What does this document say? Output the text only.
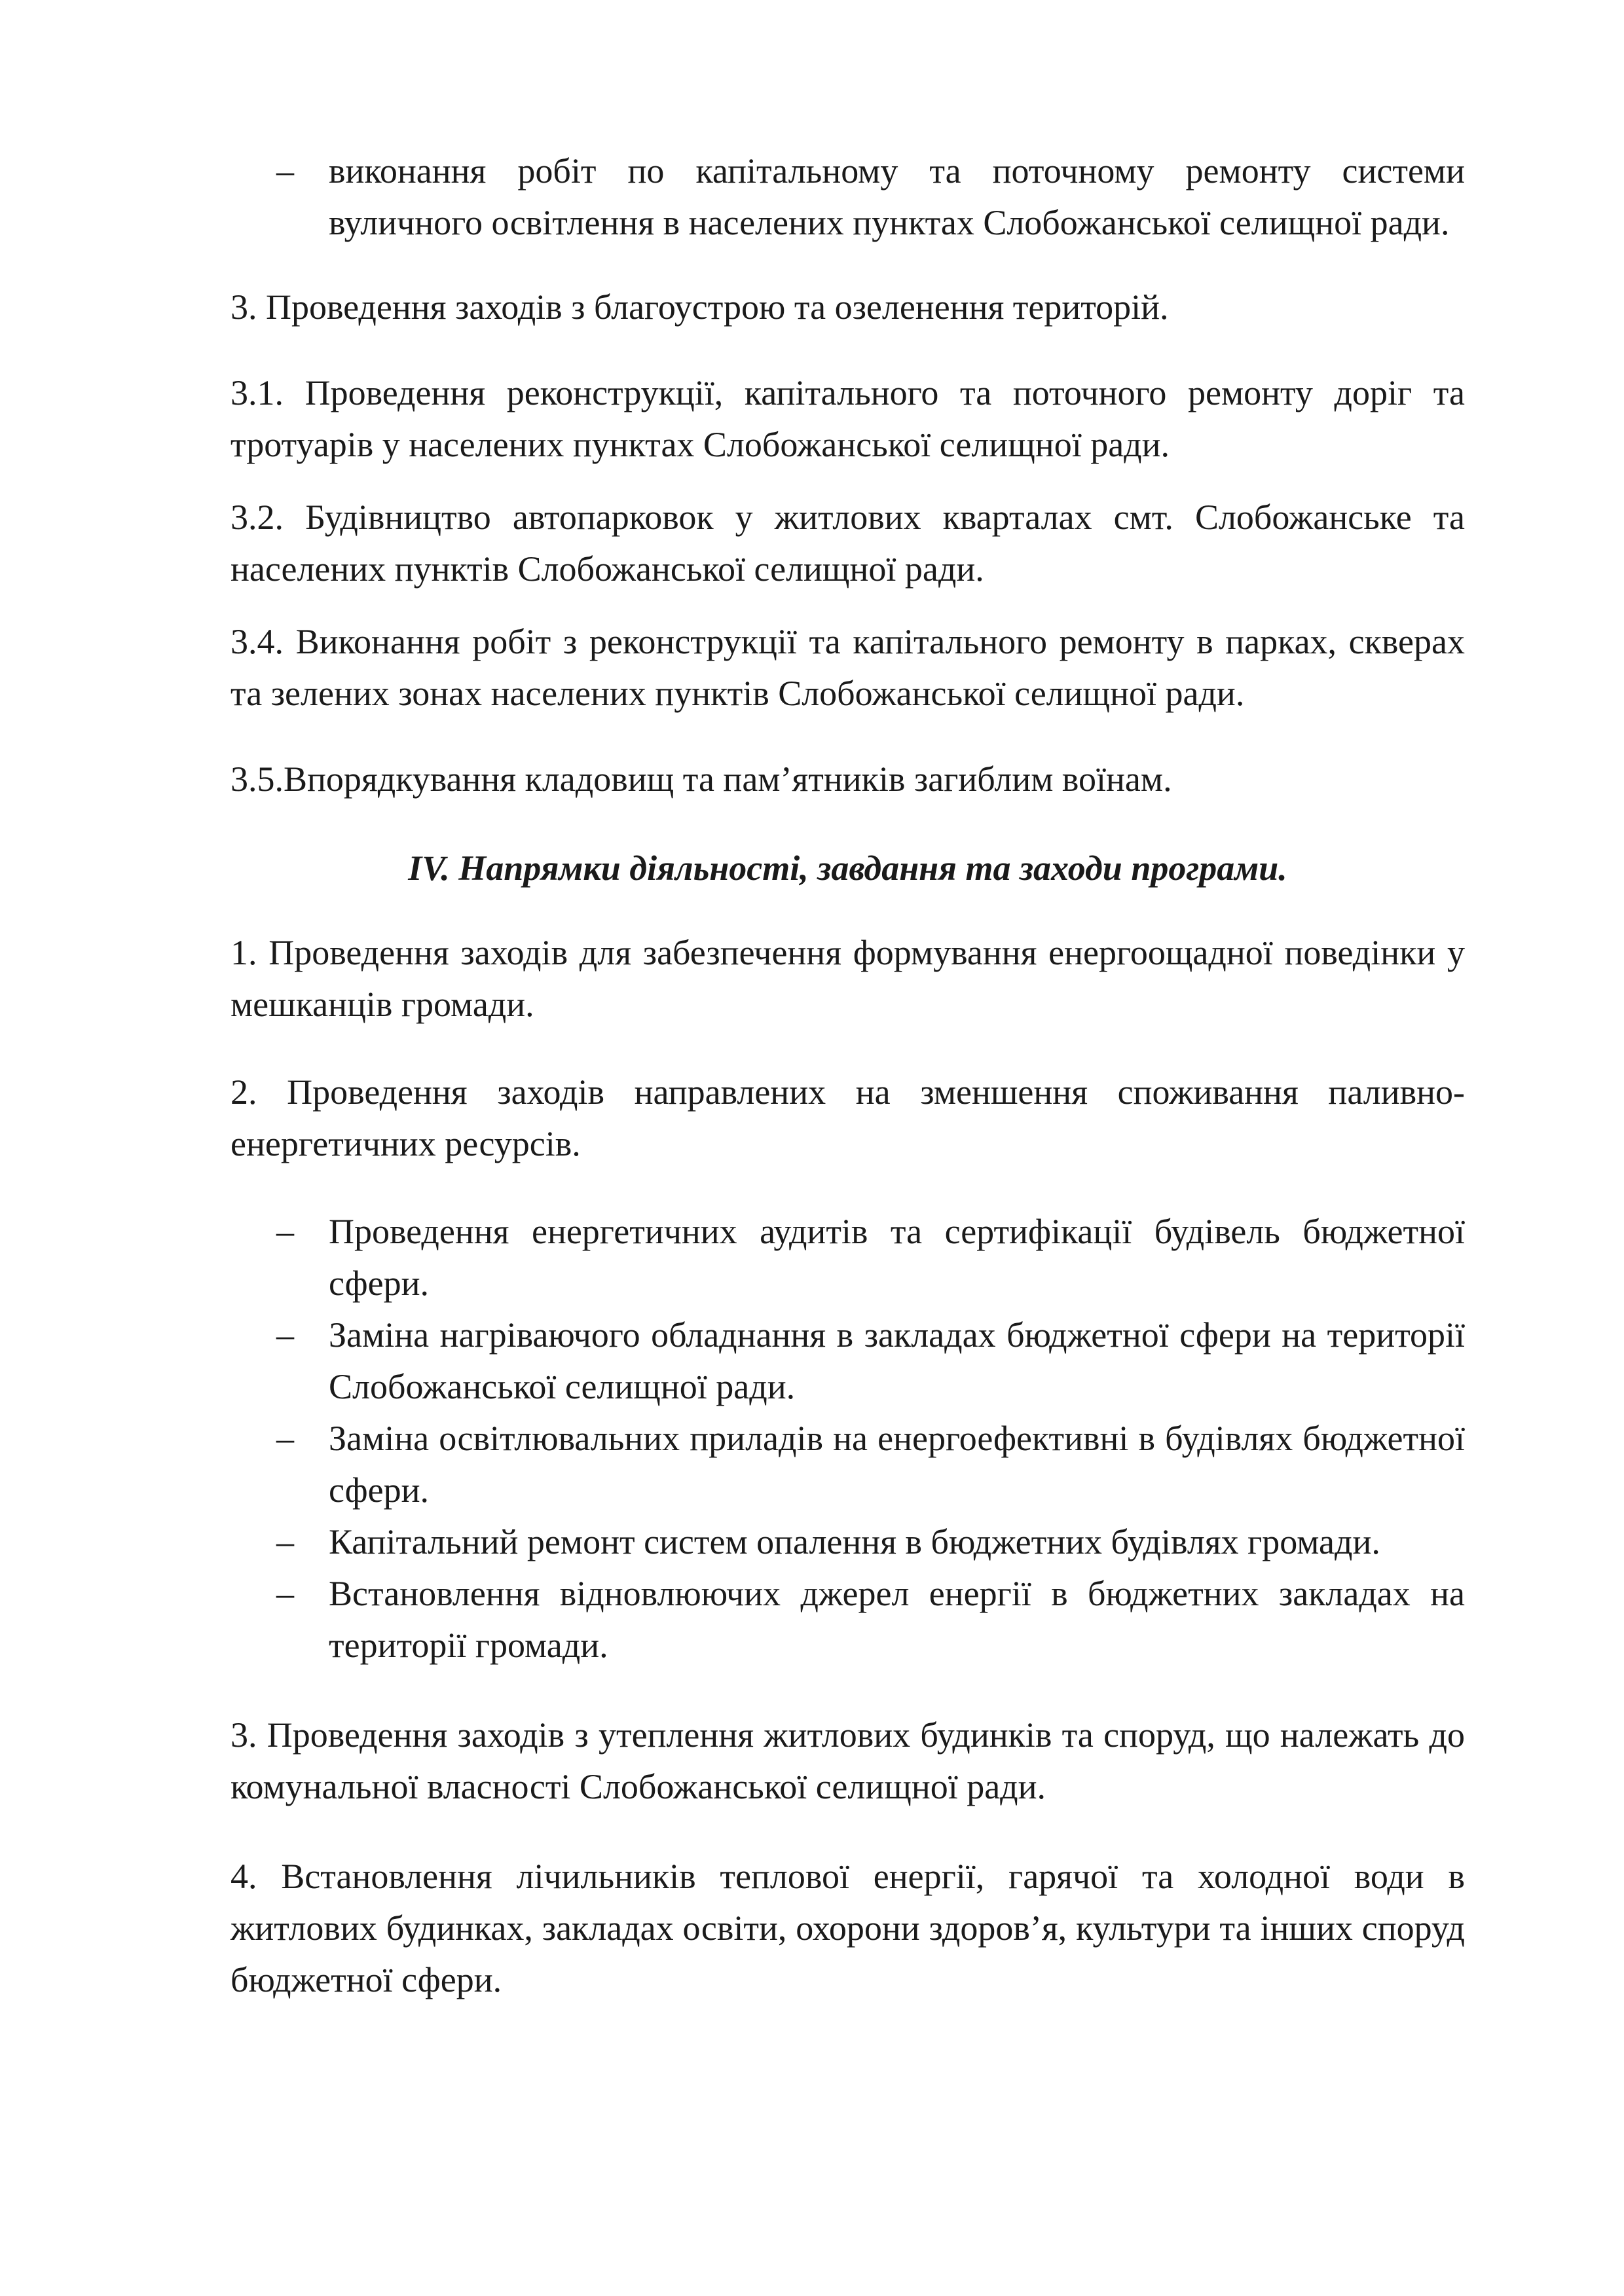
– виконання робіт по капітальному та поточному ремонту системи вуличного освітлення в населених пунктах Слобожанської селищної ради.

3. Проведення заходів з благоустрою та озеленення територій.

3.1. Проведення реконструкції, капітального та поточного ремонту доріг та тротуарів у населених пунктах Слобожанської селищної ради.

3.2. Будівництво автопарковок у житлових кварталах смт. Слобожанське та населених пунктів Слобожанської селищної ради.

3.4. Виконання робіт з реконструкції та капітального ремонту в парках, скверах та зелених зонах населених пунктів Слобожанської селищної ради.

3.5.Впорядкування кладовищ та пам’ятників загиблим воїнам.

IV. Напрямки діяльності, завдання та заходи програми.

1. Проведення заходів для забезпечення формування енергоощадної поведінки у мешканців громади.

2. Проведення заходів направлених на зменшення споживання паливно-енергетичних ресурсів.

– Проведення енергетичних аудитів та сертифікації будівель бюджетної сфери.
– Заміна нагріваючого обладнання в закладах бюджетної сфери на території Слобожанської селищної ради.
– Заміна освітлювальних приладів на енергоефективні в будівлях бюджетної сфери.
– Капітальний ремонт систем опалення в бюджетних будівлях громади.
– Встановлення відновлюючих джерел енергії в бюджетних закладах на території громади.

3. Проведення заходів з утеплення житлових будинків та споруд, що належать до комунальної власності Слобожанської селищної ради.

4. Встановлення лічильників теплової енергії, гарячої та холодної води в житлових будинках, закладах освіти, охорони здоров’я, культури та інших споруд бюджетної сфери.
